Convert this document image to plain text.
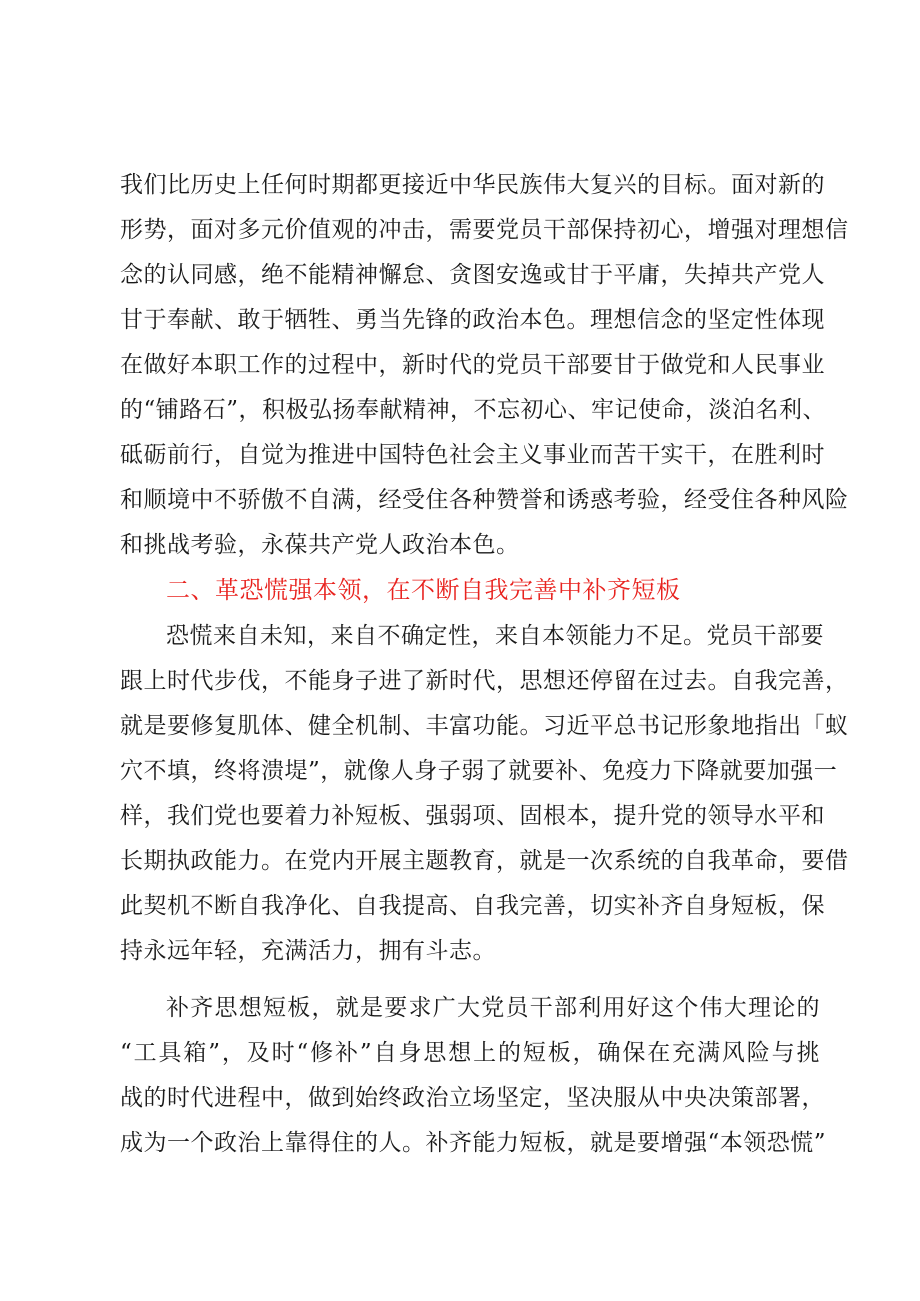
我们比历史上任何时期都更接近中华民族伟大复兴的目标。面对新的
形势，面对多元价值观的冲击，需要党员干部保持初心，增强对理想信
念的认同感，绝不能精神懈怠、贪图安逸或甘于平庸，失掉共产党人
甘于奉献、敢于牺牲、勇当先锋的政治本色。理想信念的坚定性体现
在做好本职工作的过程中，新时代的党员干部要甘于做党和人民事业
的“铺路石”，积极弘扬奉献精神，不忘初心、牢记使命，淡泊名利、
砥砺前行，自觉为推进中国特色社会主义事业而苦干实干，在胜利时
和顺境中不骄傲不自满，经受住各种赞誉和诱惑考验，经受住各种风险
和挑战考验，永葆共产党人政治本色。
二、革恐慌强本领，在不断自我完善中补齐短板
恐慌来自未知，来自不确定性，来自本领能力不足。党员干部要
跟上时代步伐，不能身子进了新时代，思想还停留在过去。自我完善，
就是要修复肌体、健全机制、丰富功能。习近平总书记形象地指出「蚁
穴不填，终将溃堤”，就像人身子弱了就要补、免疫力下降就要加强一
样，我们党也要着力补短板、强弱项、固根本，提升党的领导水平和
长期执政能力。在党内开展主题教育，就是一次系统的自我革命，要借
此契机不断自我净化、自我提高、自我完善，切实补齐自身短板，保
持永远年轻，充满活力，拥有斗志。
补齐思想短板，就是要求广大党员干部利用好这个伟大理论的
“工具箱”，及时“修补”自身思想上的短板，确保在充满风险与挑
战的时代进程中，做到始终政治立场坚定，坚决服从中央决策部署，
成为一个政治上靠得住的人。补齐能力短板，就是要增强“本领恐慌”
